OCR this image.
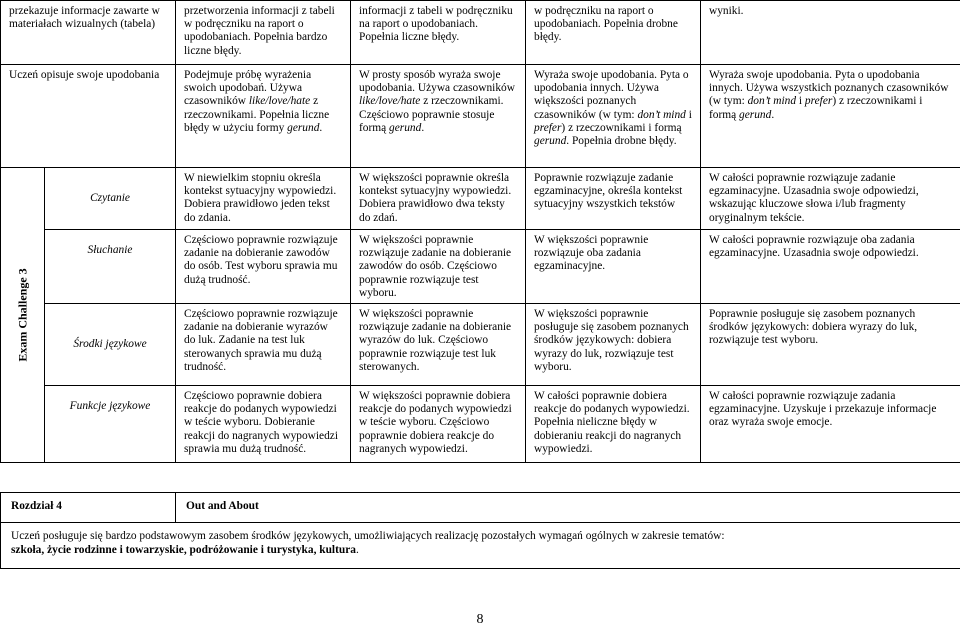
przekazuje informacje zawarte w materiałach wizualnych (tabela)		przetworzenia informacji z tabeli w podręczniku na raport o upodobaniach. Popełnia bardzo liczne błędy.	informacji z tabeli w podręczniku na raport o upodobaniach. Popełnia liczne błędy.	w podręczniku na raport o upodobaniach. Popełnia drobne błędy.	wyniki.
Uczeń opisuje swoje upodobania		Podejmuje próbę wyrażenia swoich upodobań. Używa czasowników like/love/hate z rzeczownikami. Popełnia liczne błędy w użyciu formy gerund.	W prosty sposób wyraża swoje upodobania. Używa czasowników like/love/hate z rzeczownikami. Częściowo poprawnie stosuje formą gerund.	Wyraża swoje upodobania. Pyta o upodobania innych. Używa większości poznanych czasowników (w tym: don’t mind i prefer) z rzeczownikami i formą gerund. Popełnia drobne błędy.	Wyraża swoje upodobania. Pyta o upodobania innych. Używa wszystkich poznanych czasowników (w tym: don’t mind i prefer) z rzeczownikami i formą gerund.

Exam Challenge 3	Czytanie	W niewielkim stopniu określa kontekst sytuacyjny wypowiedzi. Dobiera prawidłowo jeden tekst do zdania.	W większości poprawnie określa kontekst sytuacyjny wypowiedzi. Dobiera prawidłowo dwa teksty do zdań.	Poprawnie rozwiązuje zadanie egzaminacyjne, określa kontekst sytuacyjny wszystkich tekstów	W całości poprawnie rozwiązuje zadanie egzaminacyjne. Uzasadnia swoje odpowiedzi, wskazując kluczowe słowa i/lub fragmenty oryginalnym tekście.
	Słuchanie	Częściowo poprawnie rozwiązuje zadanie na dobieranie zawodów do osób. Test wyboru sprawia mu dużą trudność.	W większości poprawnie rozwiązuje zadanie na dobieranie zawodów do osób. Częściowo poprawnie rozwiązuje test wyboru.	W większości poprawnie rozwiązuje oba zadania egzaminacyjne.	W całości poprawnie rozwiązuje oba zadania egzaminacyjne. Uzasadnia swoje odpowiedzi.
	Środki językowe	Częściowo poprawnie rozwiązuje zadanie na dobieranie wyrazów do luk. Zadanie na test luk sterowanych sprawia mu dużą trudność.	W większości poprawnie rozwiązuje zadanie na dobieranie wyrazów do luk. Częściowo poprawnie rozwiązuje test luk sterowanych.	W większości poprawnie posługuje się zasobem poznanych środków językowych: dobiera wyrazy do luk, rozwiązuje test wyboru.	Poprawnie posługuje się zasobem poznanych środków językowych: dobiera wyrazy do luk, rozwiązuje test wyboru.
	Funkcje językowe	Częściowo poprawnie dobiera reakcje do podanych wypowiedzi w teście wyboru. Dobieranie reakcji do nagranych wypowiedzi sprawia mu dużą trudność.	W większości poprawnie dobiera reakcje do podanych wypowiedzi w teście wyboru. Częściowo poprawnie dobiera reakcje do nagranych wypowiedzi.	W całości poprawnie dobiera reakcje do podanych wypowiedzi. Popełnia nieliczne błędy w dobieraniu reakcji do nagranych wypowiedzi.	W całości poprawnie rozwiązuje zadania egzaminacyjne. Uzyskuje i przekazuje informacje oraz wyraża swoje emocje.
Rozdział 4	Out and About
Uczeń posługuje się bardzo podstawowym zasobem środków językowych, umożliwiających realizację pozostałych wymagań ogólnych w zakresie tematów:
szkoła, życie rodzinne i towarzyskie, podróżowanie i turystyka, kultura.
8
